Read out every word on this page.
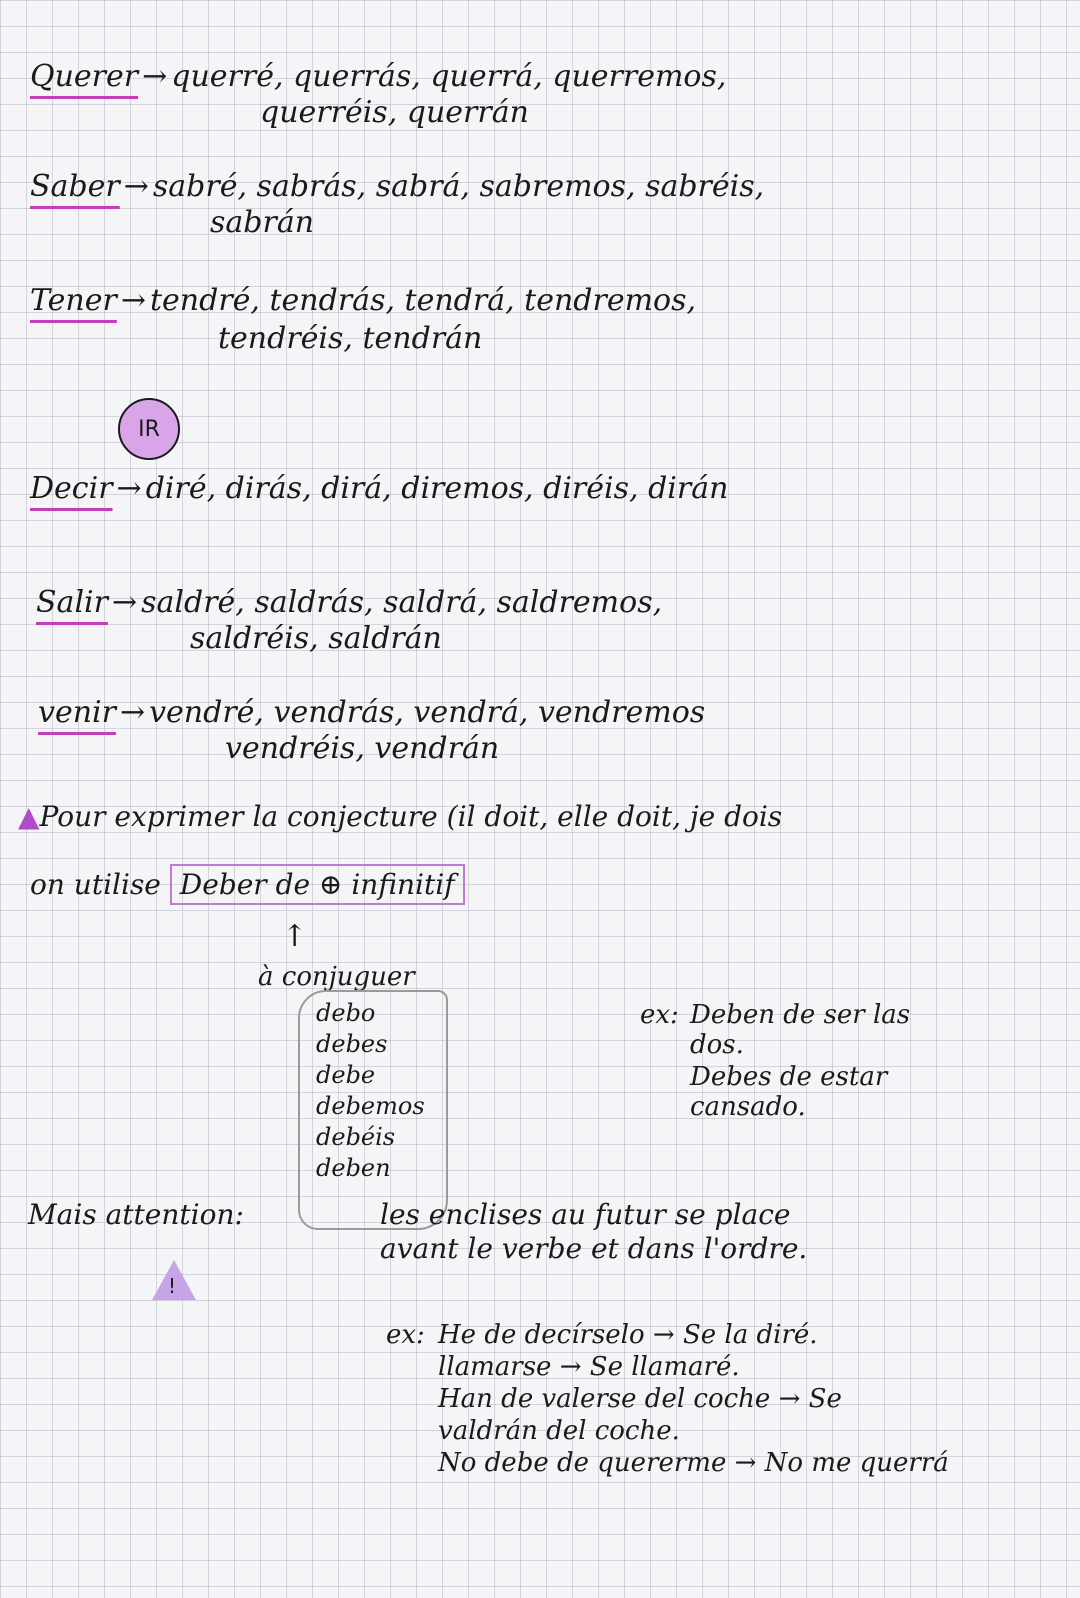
Querer → querré, querrás, querrá, querremos,
querréis, querrán
Saber → sabré, sabrás, sabrá, sabremos, sabréis,
sabrán
Tener → tendré, tendrás, tendrá, tendremos,
tendréis, tendrán
IR
Decir → diré, dirás, dirá, diremos, diréis, dirán
Salir → saldré, saldrás, saldrá, saldremos,
saldréis, saldrán
venir → vendré, vendrás, vendrá, vendremos
vendréis, vendrán
▲Pour exprimer la conjecture (il doit, elle doit, je dois
on utilise Deber de ⊕ infinitif
↑
à conjuguer
debo
debes
debe
debemos
debéis
deben
ex: Deben de ser las
dos.
Debes de estar
cansado.
Mais attention:	les enclises au futur se place
avant le verbe et dans l'ordre.
!
ex: He de decírselo → Se la diré.
llamarse → Se llamaré.
Han de valerse del coche → Se
valdrán del coche.
No debe de quererme → No me querrá
